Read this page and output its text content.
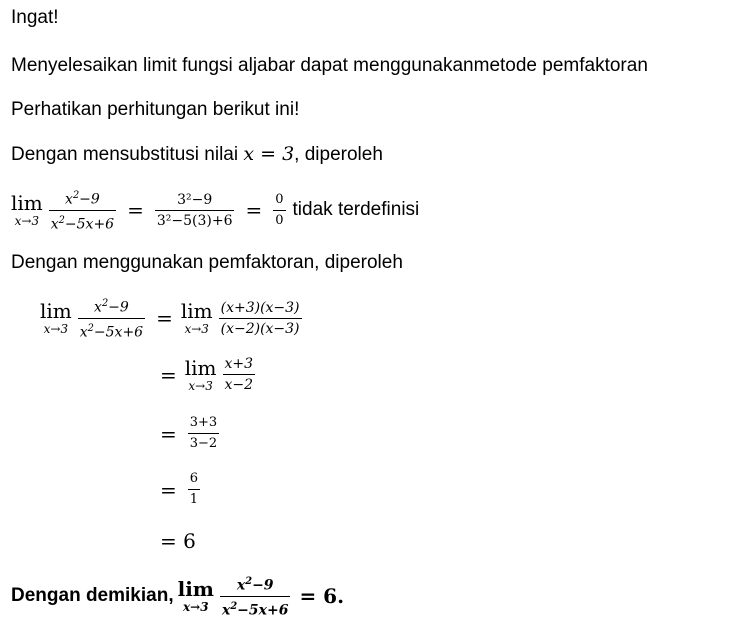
Ingat!
Menyelesaikan limit fungsi aljabar dapat menggunakanmetode pemfaktoran
Perhatikan perhitungan berikut ini!
Dengan mensubstitusi nilai x = 3, diperoleh
lim
$x\to 3 \frac{x^2-9}{x^2-5x+6} = \frac{\text{3²−9}}{\text{3²−5(3)+6}} = \frac{0}{0}$ tidak terdefinisi
Dengan menggunakan pemfaktoran, diperoleh
lim
$x\to 3 \frac{x^2-9}{x^2-5x+6} = \lim$
$x\to 3 \frac{(x+3)(x-3)}{(x-2)(x-3)}$
= lim
$x\to 3 \frac{x+3}{x-2}$
= $\frac{3+3}{3-2}$
= $\frac{6}{1}$
= 6
Dengan demikian, lim
$x\to 3 \frac{x^2-9}{x^2-5x+6} = 6$.
